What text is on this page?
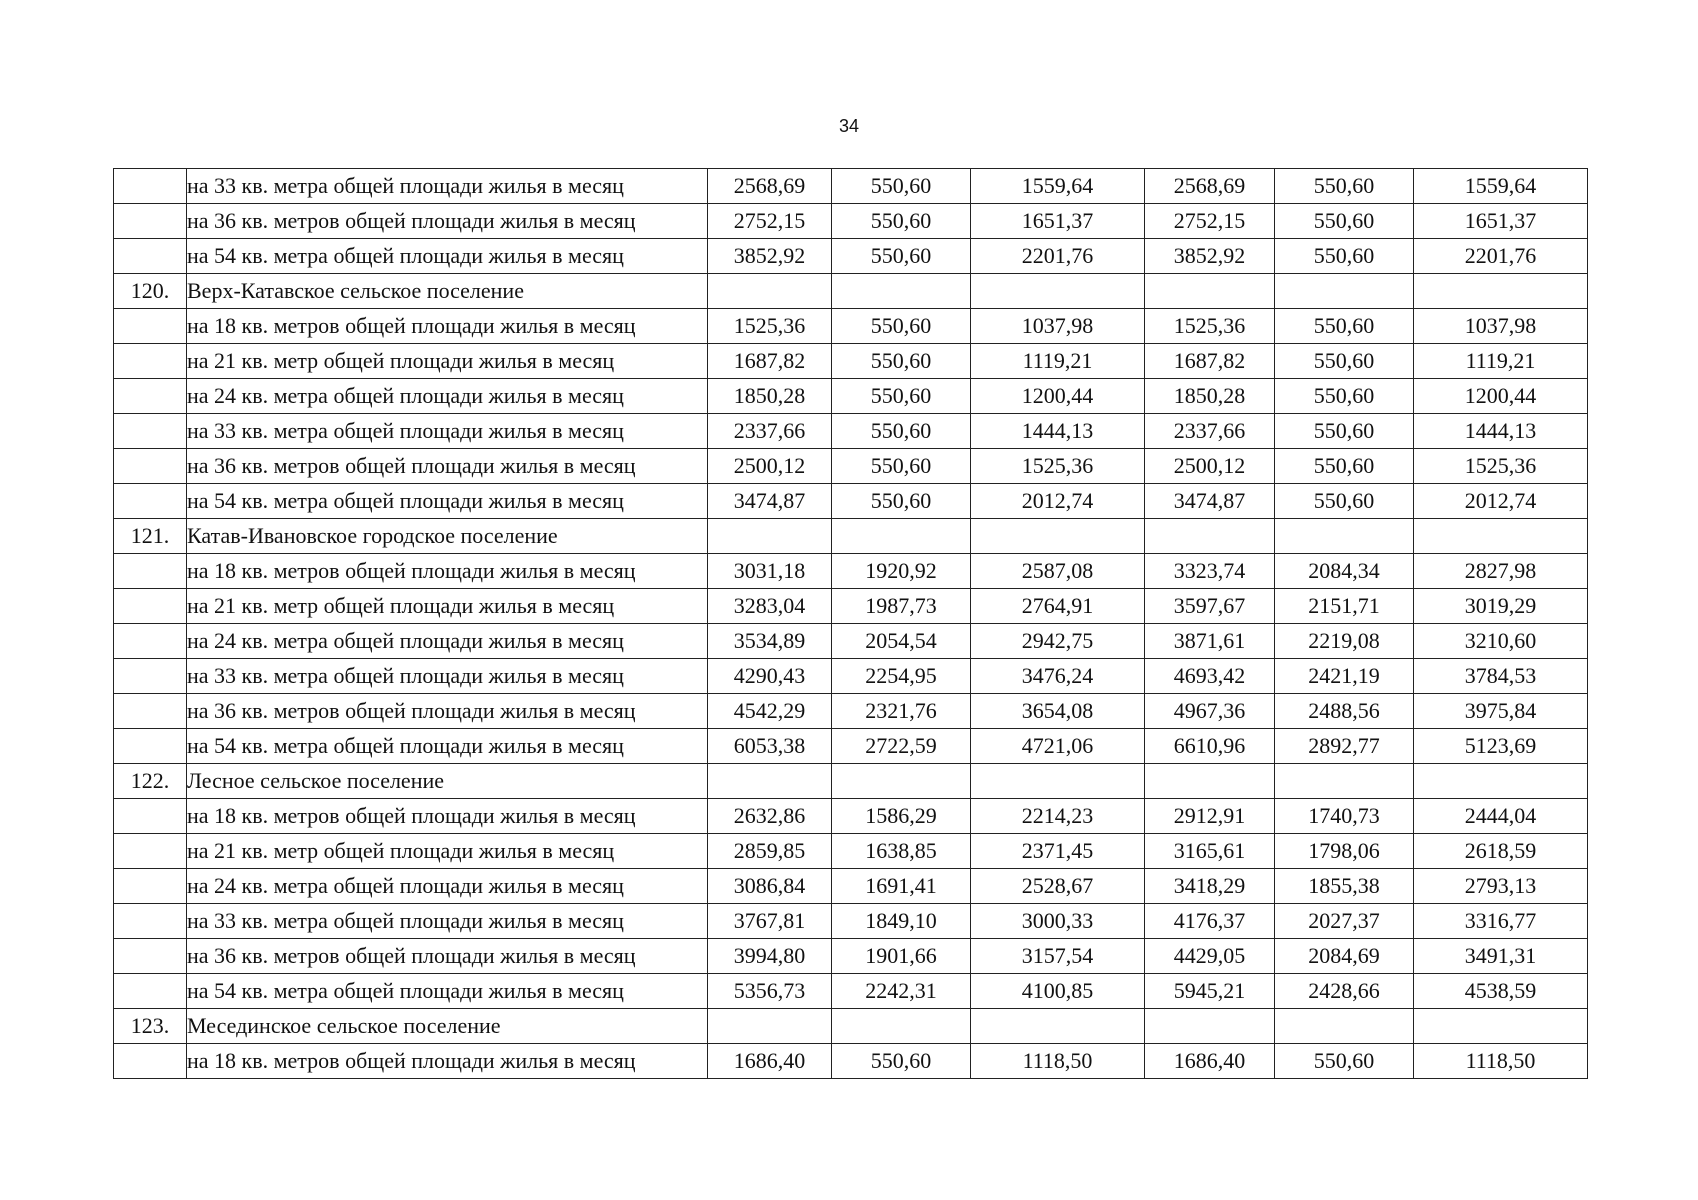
34
	на 33 кв. метра общей площади жилья в месяц	2568,69	550,60	1559,64	2568,69	550,60	1559,64
	на 36 кв. метров общей площади жилья в месяц	2752,15	550,60	1651,37	2752,15	550,60	1651,37
	на 54 кв. метра общей площади жилья в месяц	3852,92	550,60	2201,76	3852,92	550,60	2201,76
120.	Верх-Катавское сельское поселение						
	на 18 кв. метров общей площади жилья в месяц	1525,36	550,60	1037,98	1525,36	550,60	1037,98
	на 21 кв. метр общей площади жилья в месяц	1687,82	550,60	1119,21	1687,82	550,60	1119,21
	на 24 кв. метра общей площади жилья в месяц	1850,28	550,60	1200,44	1850,28	550,60	1200,44
	на 33 кв. метра общей площади жилья в месяц	2337,66	550,60	1444,13	2337,66	550,60	1444,13
	на 36 кв. метров общей площади жилья в месяц	2500,12	550,60	1525,36	2500,12	550,60	1525,36
	на 54 кв. метра общей площади жилья в месяц	3474,87	550,60	2012,74	3474,87	550,60	2012,74
121.	Катав-Ивановское городское поселение						
	на 18 кв. метров общей площади жилья в месяц	3031,18	1920,92	2587,08	3323,74	2084,34	2827,98
	на 21 кв. метр общей площади жилья в месяц	3283,04	1987,73	2764,91	3597,67	2151,71	3019,29
	на 24 кв. метра общей площади жилья в месяц	3534,89	2054,54	2942,75	3871,61	2219,08	3210,60
	на 33 кв. метра общей площади жилья в месяц	4290,43	2254,95	3476,24	4693,42	2421,19	3784,53
	на 36 кв. метров общей площади жилья в месяц	4542,29	2321,76	3654,08	4967,36	2488,56	3975,84
	на 54 кв. метра общей площади жилья в месяц	6053,38	2722,59	4721,06	6610,96	2892,77	5123,69
122.	Лесное сельское поселение						
	на 18 кв. метров общей площади жилья в месяц	2632,86	1586,29	2214,23	2912,91	1740,73	2444,04
	на 21 кв. метр общей площади жилья в месяц	2859,85	1638,85	2371,45	3165,61	1798,06	2618,59
	на 24 кв. метра общей площади жилья в месяц	3086,84	1691,41	2528,67	3418,29	1855,38	2793,13
	на 33 кв. метра общей площади жилья в месяц	3767,81	1849,10	3000,33	4176,37	2027,37	3316,77
	на 36 кв. метров общей площади жилья в месяц	3994,80	1901,66	3157,54	4429,05	2084,69	3491,31
	на 54 кв. метра общей площади жилья в месяц	5356,73	2242,31	4100,85	5945,21	2428,66	4538,59
123.	Месединское сельское поселение						
	на 18 кв. метров общей площади жилья в месяц	1686,40	550,60	1118,50	1686,40	550,60	1118,50
